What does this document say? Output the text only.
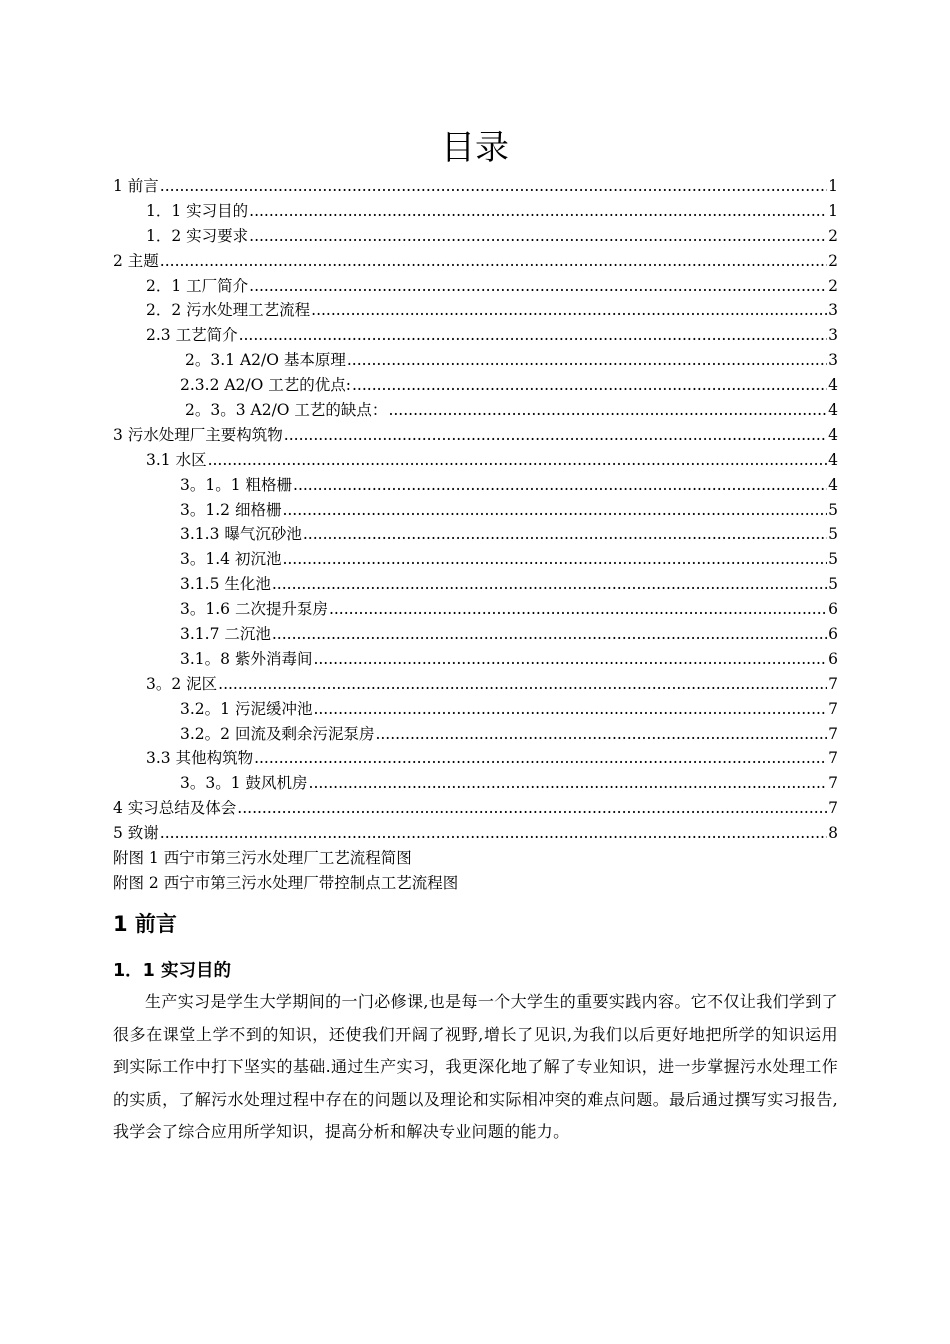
目录
1 前言 .....	1
1．1 实习目的 .....	1
1．2 实习要求 .....	2
2 主题 .....	2
2．1 工厂简介 .....	2
2．2 污水处理工艺流程 .....	3
2.3 工艺简介 .....	3
2。3.1 A2/O 基本原理 .....	3
2.3.2 A2/O 工艺的优点: .....	4
2。3。3 A2/O 工艺的缺点： .....	4
3 污水处理厂主要构筑物 .....	4
3.1 水区 .....	4
3。1。1 粗格栅 .....	4
3。1.2 细格栅 .....	5
3.1.3 曝气沉砂池 .....	5
3。1.4 初沉池 .....	5
3.1.5 生化池 .....	5
3。1.6 二次提升泵房 .....	6
3.1.7 二沉池 .....	6
3.1。8 紫外消毒间 .....	6
3。2 泥区 .....	7
3.2。1 污泥缓冲池 .....	7
3.2。2 回流及剩余污泥泵房 .....	7
3.3 其他构筑物 .....	7
3。3。1 鼓风机房 .....	7
4 实习总结及体会 .....	7
5 致谢 .....	8
附图 1 西宁市第三污水处理厂工艺流程简图
附图 2 西宁市第三污水处理厂带控制点工艺流程图
1 前言
1．1 实习目的
生产实习是学生大学期间的一门必修课,也是每一个大学生的重要实践内容。它不仅让我们学到了很多在课堂上学不到的知识，还使我们开阔了视野,增长了见识,为我们以后更好地把所学的知识运用到实际工作中打下坚实的基础.通过生产实习，我更深化地了解了专业知识，进一步掌握污水处理工作的实质，了解污水处理过程中存在的问题以及理论和实际相冲突的难点问题。最后通过撰写实习报告,我学会了综合应用所学知识，提高分析和解决专业问题的能力。
